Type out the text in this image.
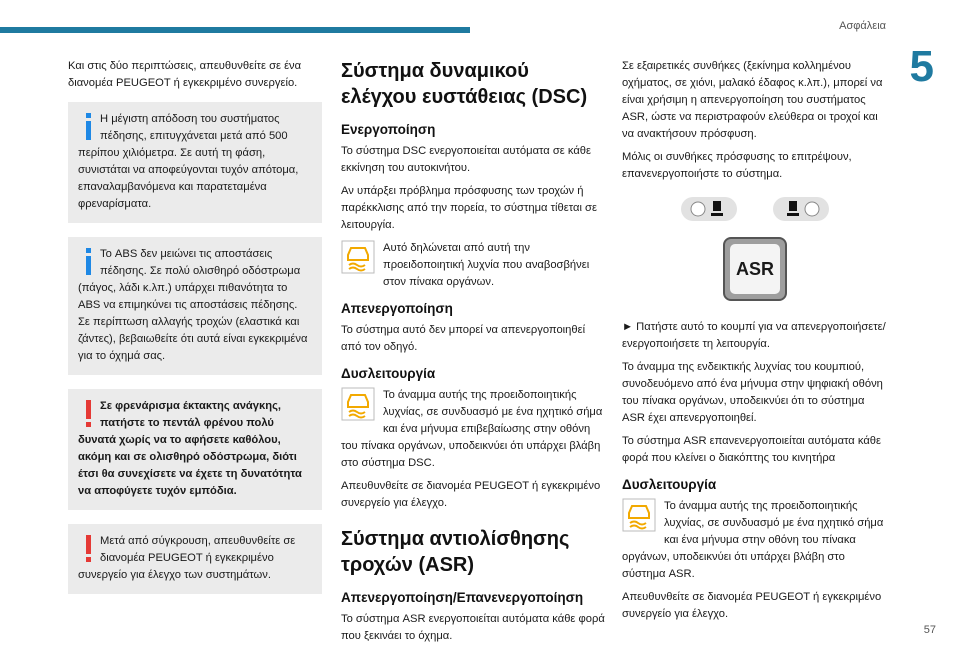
Ασφάλεια
5
57

Και στις δύο περιπτώσεις, απευθυνθείτε σε ένα διανομέα PEUGEOT ή εγκεκριμένο συνεργείο.

Η μέγιστη απόδοση του συστήματος πέδησης, επιτυγχάνεται μετά από 500 περίπου χιλιόμετρα. Σε αυτή τη φάση, συνιστάται να αποφεύγονται τυχόν απότομα, επαναλαμβανόμενα και παρατεταμένα φρεναρίσματα.

Το ABS δεν μειώνει τις αποστάσεις πέδησης. Σε πολύ ολισθηρό οδόστρωμα (πάγος, λάδι κ.λπ.) υπάρχει πιθανότητα το ABS να επιμηκύνει τις αποστάσεις πέδησης.

Σε περίπτωση αλλαγής τροχών (ελαστικά και ζάντες), βεβαιωθείτε ότι αυτά είναι εγκεκριμένα για το όχημά σας.

Σε φρενάρισμα έκτακτης ανάγκης, πατήστε το πεντάλ φρένου πολύ δυνατά χωρίς να το αφήσετε καθόλου, ακόμη και σε ολισθηρό οδόστρωμα, διότι έτσι θα συνεχίσετε να έχετε τη δυνατότητα να αποφύγετε τυχόν εμπόδια.

Μετά από σύγκρουση, απευθυνθείτε σε διανομέα PEUGEOT ή εγκεκριμένο συνεργείο για έλεγχο των συστημάτων.

Σύστημα δυναμικού ελέγχου ευστάθειας (DSC)
Ενεργοποίηση

Το σύστημα DSC ενεργοποιείται αυτόματα σε κάθε εκκίνηση του αυτοκινήτου.

Αν υπάρξει πρόβλημα πρόσφυσης των τροχών ή παρέκκλισης από την πορεία, το σύστημα τίθεται σε λειτουργία.

Αυτό δηλώνεται από αυτή την προειδοποιητική λυχνία που αναβοσβήνει στον πίνακα οργάνων.

Απενεργοποίηση

Το σύστημα αυτό δεν μπορεί να απενεργοποιηθεί από τον οδηγό.

Δυσλειτουργία

Το άναμμα αυτής της προειδοποιητικής λυχνίας, σε συνδυασμό με ένα ηχητικό σήμα και ένα μήνυμα επιβεβαίωσης στην οθόνη του πίνακα οργάνων, υποδεικνύει ότι υπάρχει βλάβη στο σύστημα DSC.

Απευθυνθείτε σε διανομέα PEUGEOT ή εγκεκριμένο συνεργείο για έλεγχο.

Σύστημα αντιολίσθησης τροχών (ASR)
Απενεργοποίηση/Επανενεργοποίηση

Το σύστημα ASR ενεργοποιείται αυτόματα κάθε φορά που ξεκινάει το όχημα.

Σε εξαιρετικές συνθήκες (ξεκίνημα κολλημένου οχήματος, σε χιόνι, μαλακό έδαφος κ.λπ.), μπορεί να είναι χρήσιμη η απενεργοποίηση του συστήματος ASR, ώστε να περιστραφούν ελεύθερα οι τροχοί και να ανακτήσουν πρόσφυση.

Μόλις οι συνθήκες πρόσφυσης το επιτρέψουν, επανενεργοποιήστε το σύστημα.

ASR

► Πατήστε αυτό το κουμπί για να απενεργοποιήσετε/ενεργοποιήσετε τη λειτουργία.

Το άναμμα της ενδεικτικής λυχνίας του κουμπιού, συνοδευόμενο από ένα μήνυμα στην ψηφιακή οθόνη του πίνακα οργάνων, υποδεικνύει ότι το σύστημα ASR έχει απενεργοποιηθεί.

Το σύστημα ASR επανενεργοποιείται αυτόματα κάθε φορά που κλείνει ο διακόπτης του κινητήρα

Δυσλειτουργία

Το άναμμα αυτής της προειδοποιητικής λυχνίας, σε συνδυασμό με ένα ηχητικό σήμα και ένα μήνυμα στην οθόνη του πίνακα οργάνων, υποδεικνύει ότι υπάρχει βλάβη στο σύστημα ASR.

Απευθυνθείτε σε διανομέα PEUGEOT ή εγκεκριμένο συνεργείο για έλεγχο.
